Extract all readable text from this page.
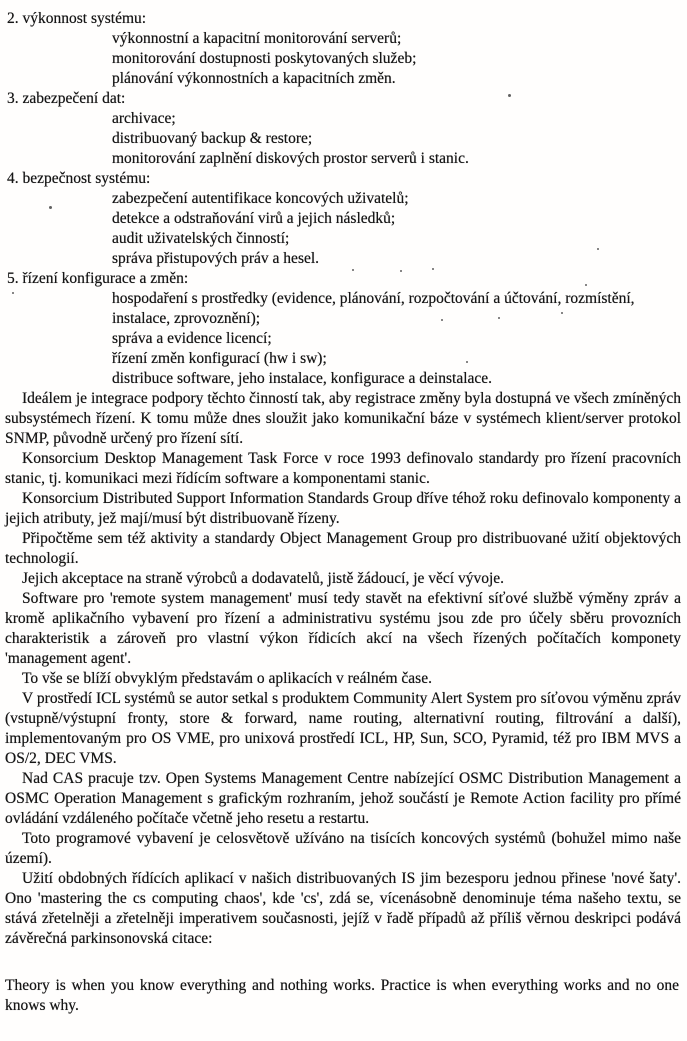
2. výkonnost systému:
výkonnostní a kapacitní monitorování serverů;
monitorování dostupnosti poskytovaných služeb;
plánování výkonnostních a kapacitních změn.
3. zabezpečení dat:
archivace;
distribuovaný backup & restore;
monitorování zaplnění diskových prostor serverů i stanic.
4. bezpečnost systému:
zabezpečení autentifikace koncových uživatelů;
detekce a odstraňování virů a jejich následků;
audit uživatelských činností;
správa přistupových práv a hesel.
5. řízení konfigurace a změn:
hospodaření s prostředky (evidence, plánování, rozpočtování a účtování, rozmístění, instalace, zprovoznění);
správa a evidence licencí;
řízení změn konfigurací (hw i sw);
distribuce software, jeho instalace, konfigurace a deinstalace.

Ideálem je integrace podpory těchto činností tak, aby registrace změny byla dostupná ve všech zmíněných subsystémech řízení. K tomu může dnes sloužit jako komunikační báze v systémech klient/server protokol SNMP, původně určený pro řízení sítí.

Konsorcium Desktop Management Task Force v roce 1993 definovalo standardy pro řízení pracovních stanic, tj. komunikaci mezi řídícím software a komponentami stanic.

Konsorcium Distributed Support Information Standards Group dříve téhož roku definovalo komponenty a jejich atributy, jež mají/musí být distribuovaně řízeny.

Připočtěme sem též aktivity a standardy Object Management Group pro distribuované užití objektových technologií.

Jejich akceptace na straně výrobců a dodavatelů, jistě žádoucí, je věcí vývoje.

Software pro 'remote system management' musí tedy stavět na efektivní síťové službě výměny zpráv a kromě aplikačního vybavení pro řízení a administrativu systému jsou zde pro účely sběru provozních charakteristik a zároveň pro vlastní výkon řídicích akcí na všech řízených počítačích komponety 'management agent'.

To vše se blíží obvyklým představám o aplikacích v reálném čase.

V prostředí ICL systémů se autor setkal s produktem Community Alert System pro síťovou výměnu zpráv (vstupně/výstupní fronty, store & forward, name routing, alternativní routing, filtrování a další), implementovaným pro OS VME, pro unixová prostředí ICL, HP, Sun, SCO, Pyramid, též pro IBM MVS a OS/2, DEC VMS.

Nad CAS pracuje tzv. Open Systems Management Centre nabízející OSMC Distribution Management a OSMC Operation Management s grafickým rozhraním, jehož součástí je Remote Action facility pro přímé ovládání vzdáleného počítače včetně jeho resetu a restartu.

Toto programové vybavení je celosvětově užíváno na tisících koncových systémů (bohužel mimo naše území).

Užití obdobných řídících aplikací v našich distribuovaných IS jim bezesporu jednou přinese 'nové šaty'. Ono 'mastering the cs computing chaos', kde 'cs', zdá se, vícenásobně denominuje téma našeho textu, se stává zřetelněji a zřetelněji imperativem současnosti, jejíž v řadě případů až příliš věrnou deskripci podává závěrečná parkinsonovská citace:

Theory is when you know everything and nothing works. Practice is when everything works and no one knows why.
